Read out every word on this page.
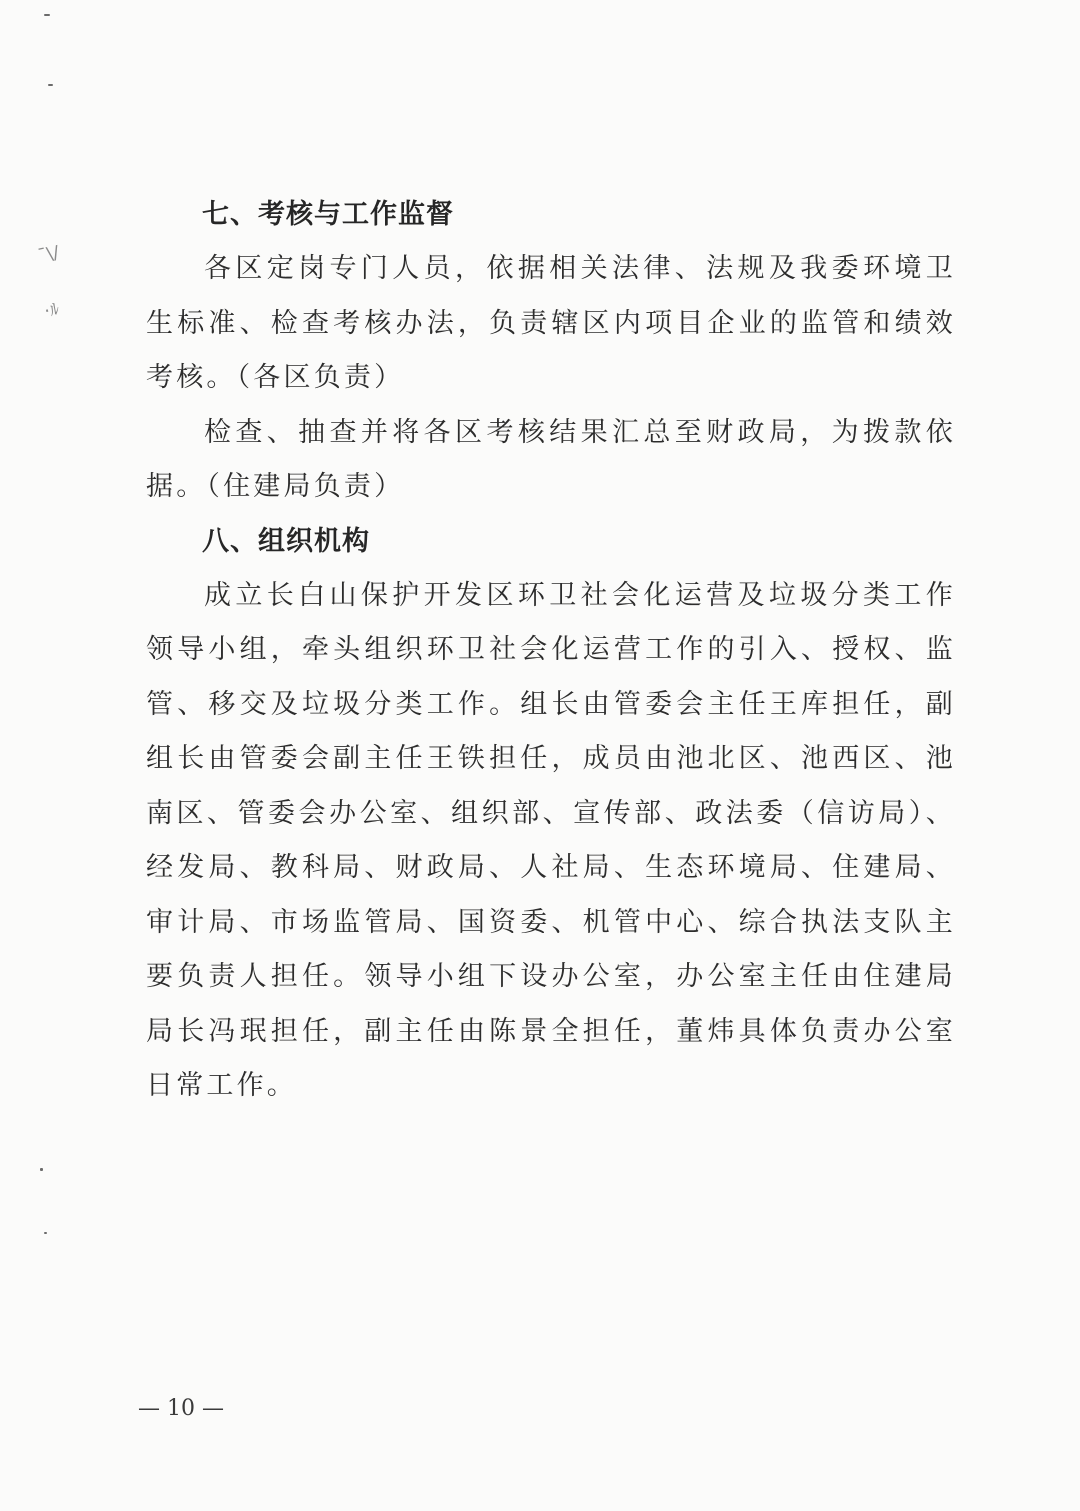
ˉ\/
·ﾙ
七、考核与工作监督

各区定岗专门人员，依据相关法律、法规及我委环境卫生标准、检查考核办法，负责辖区内项目企业的监管和绩效考核。（各区负责）

检查、抽查并将各区考核结果汇总至财政局，为拨款依据。（住建局负责）

八、组织机构

成立长白山保护开发区环卫社会化运营及垃圾分类工作领导小组，牵头组织环卫社会化运营工作的引入、授权、监管、移交及垃圾分类工作。组长由管委会主任王库担任，副组长由管委会副主任王铁担任，成员由池北区、池西区、池南区、管委会办公室、组织部、宣传部、政法委（信访局）、经发局、教科局、财政局、人社局、生态环境局、住建局、审计局、市场监管局、国资委、机管中心、综合执法支队主要负责人担任。领导小组下设办公室，办公室主任由住建局局长冯珉担任，副主任由陈景全担任，董炜具体负责办公室日常工作。

— 10 —
